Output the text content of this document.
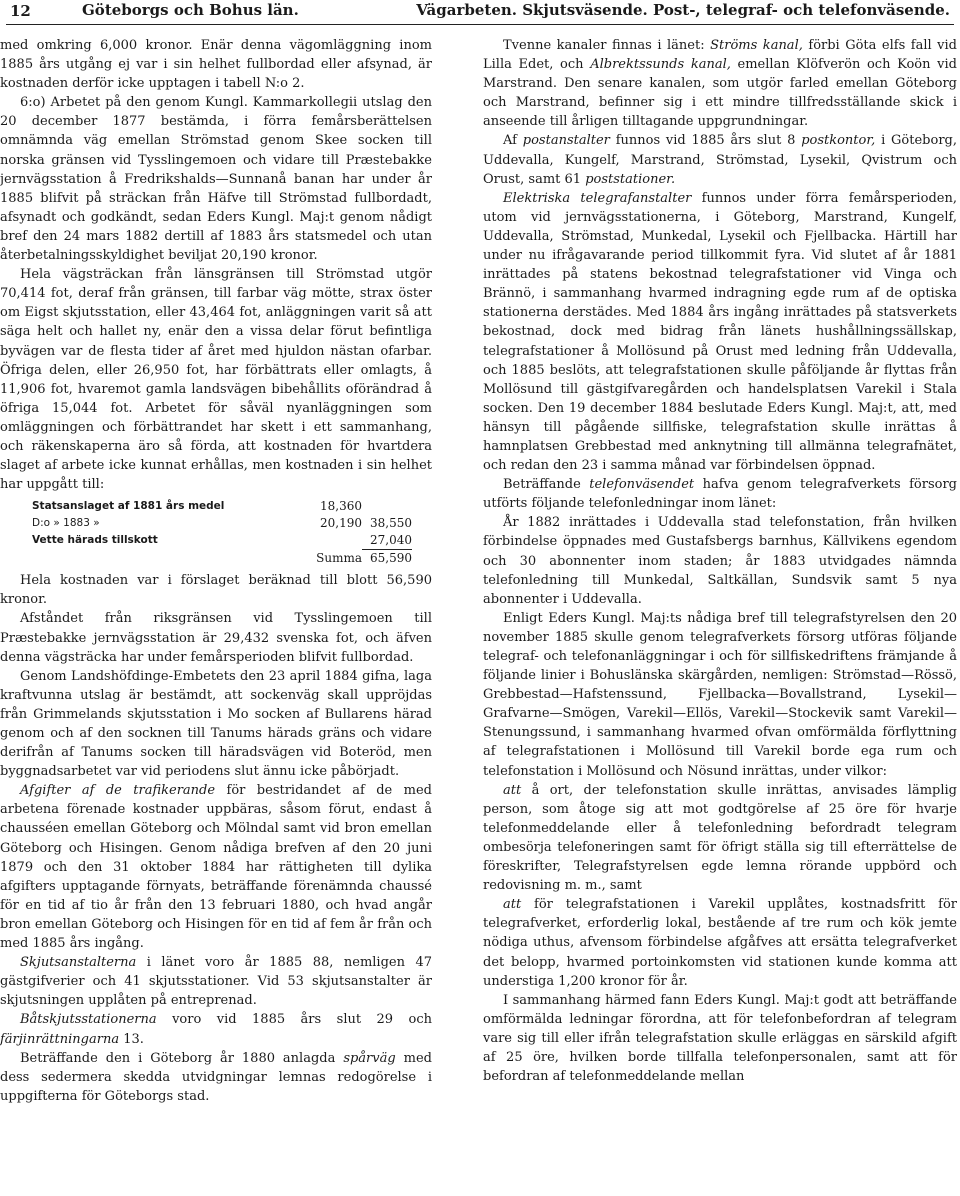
12	Göteborgs och Bohus län.	Vägarbeten. Skjutsväsende. Post-, telegraf- och telefonväsende.

med omkring 6,000 kronor. Enär denna vägomläggning inom 1885 års utgång ej var i sin helhet fullbordad eller afsynad, är kostnaden derför icke upptagen i tabell N:o 2.

6:o) Arbetet på den genom Kungl. Kammarkollegii utslag den 20 december 1877 bestämda, i förra femårsberättelsen omnämnda väg emellan Strömstad genom Skee socken till norska gränsen vid Tysslingemoen och vidare till Præstebakke jernvägsstation å Fredrikshalds—Sunnanå banan har under år 1885 blifvit på sträckan från Häfve till Strömstad fullbordadt, afsynadt och godkändt, sedan Eders Kungl. Maj:t genom nådigt bref den 24 mars 1882 dertill af 1883 års statsmedel och utan återbetalningsskyldighet beviljat 20,190 kronor.

Hela vägsträckan från länsgränsen till Strömstad utgör 70,414 fot, deraf från gränsen, till farbar väg mötte, strax öster om Eigst skjutsstation, eller 43,464 fot, anläggningen varit så att säga helt och hallet ny, enär den a vissa delar förut befintliga byvägen var de flesta tider af året med hjuldon nästan ofarbar. Öfriga delen, eller 26,950 fot, har förbättrats eller omlagts, å 11,906 fot, hvaremot gamla landsvägen bibehållits oförändrad å öfriga 15,044 fot. Arbetet för såväl nyanläggningen som omläggningen och förbättrandet har skett i ett sammanhang, och räkenskaperna äro så förda, att kostnaden för hvartdera slaget af arbete icke kunnat erhållas, men kostnaden i sin helhet har uppgått till:

Statsanslaget af 1881 års medel	18,360
D:o » 1883 »	20,190 38,550
Vette härads tillskott	27,040
Summa 65,590

Hela kostnaden var i förslaget beräknad till blott 56,590 kronor.

Afståndet från riksgränsen vid Tysslingemoen till Præstebakke jernvägsstation är 29,432 svenska fot, och äfven denna vägsträcka har under femårsperioden blifvit fullbordad.

Genom Landshöfdinge-Embetets den 23 april 1884 gifna, laga kraftvunna utslag är bestämdt, att sockenväg skall uppröjdas från Grimmelands skjutsstation i Mo socken af Bullarens härad genom och af den socknen till Tanums härads gräns och vidare derifrån af Tanums socken till häradsvägen vid Boteröd, men byggnadsarbetet var vid periodens slut ännu icke påbörjadt.

Afgifter af de trafikerande för bestridandet af de med arbetena förenade kostnader uppbäras, såsom förut, endast å chausséen emellan Göteborg och Mölndal samt vid bron emellan Göteborg och Hisingen. Genom nådiga brefven af den 20 juni 1879 och den 31 oktober 1884 har rättigheten till dylika afgifters upptagande förnyats, beträffande förenämnda chaussé för en tid af tio år från den 13 februari 1880, och hvad angår bron emellan Göteborg och Hisingen för en tid af fem år från och med 1885 års ingång.

Skjutsanstalterna i länet voro år 1885 88, nemligen 47 gästgifverier och 41 skjutsstationer. Vid 53 skjutsanstalter är skjutsningen upplåten på entreprenad.

Båtskjutsstationerna voro vid 1885 års slut 29 och färjinrättningarna 13.

Beträffande den i Göteborg år 1880 anlagda spårväg med dess sedermera skedda utvidgningar lemnas redogörelse i uppgifterna för Göteborgs stad.

Tvenne kanaler finnas i länet: Ströms kanal, förbi Göta elfs fall vid Lilla Edet, och Albrektssunds kanal, emellan Klöfverön och Koön vid Marstrand. Den senare kanalen, som utgör farled emellan Göteborg och Marstrand, befinner sig i ett mindre tillfredsställande skick i anseende till årligen tilltagande uppgrundningar.

Af postanstalter funnos vid 1885 års slut 8 postkontor, i Göteborg, Uddevalla, Kungelf, Marstrand, Strömstad, Lysekil, Qvistrum och Orust, samt 61 poststationer.

Elektriska telegrafanstalter funnos under förra femårsperioden, utom vid jernvägsstationerna, i Göteborg, Marstrand, Kungelf, Uddevalla, Strömstad, Munkedal, Lysekil och Fjellbacka. Härtill har under nu ifrågavarande period tillkommit fyra. Vid slutet af år 1881 inrättades på statens bekostnad telegrafstationer vid Vinga och Brännö, i sammanhang hvarmed indragning egde rum af de optiska stationerna derstädes. Med 1884 års ingång inrättades på statsverkets bekostnad, dock med bidrag från länets hushållningssällskap, telegrafstationer å Mollösund på Orust med ledning från Uddevalla, och 1885 beslöts, att telegrafstationen skulle påföljande år flyttas från Mollösund till gästgifvaregården och handelsplatsen Varekil i Stala socken. Den 19 december 1884 beslutade Eders Kungl. Maj:t, att, med hänsyn till pågående sillfiske, telegrafstation skulle inrättas å hamnplatsen Grebbestad med anknytning till allmänna telegrafnätet, och redan den 23 i samma månad var förbindelsen öppnad.

Beträffande telefonväsendet hafva genom telegrafverkets försorg utförts följande telefonledningar inom länet:

År 1882 inrättades i Uddevalla stad telefonstation, från hvilken förbindelse öppnades med Gustafsbergs barnhus, Källvikens egendom och 30 abonnenter inom staden; år 1883 utvidgades nämnda telefonledning till Munkedal, Saltkällan, Sundsvik samt 5 nya abonnenter i Uddevalla.

Enligt Eders Kungl. Maj:ts nådiga bref till telegrafstyrelsen den 20 november 1885 skulle genom telegrafverkets försorg utföras följande telegraf- och telefonanläggningar i och för sillfiskedriftens främjande å följande linier i Bohuslänska skärgården, nemligen: Strömstad—Rössö, Grebbestad—Hafstenssund, Fjellbacka—Bovallstrand, Lysekil—Grafvarne—Smögen, Varekil—Ellös, Varekil—Stockevik samt Varekil—Stenungssund, i sammanhang hvarmed ofvan omförmälda förflyttning af telegrafstationen i Mollösund till Varekil borde ega rum och telefonstation i Mollösund och Nösund inrättas, under vilkor:

att å ort, der telefonstation skulle inrättas, anvisades lämplig person, som åtoge sig att mot godtgörelse af 25 öre för hvarje telefonmeddelande eller å telefonledning befordradt telegram ombesörja telefoneringen samt för öfrigt ställa sig till efterrättelse de föreskrifter, Telegrafstyrelsen egde lemna rörande uppbörd och redovisning m. m., samt

att för telegrafstationen i Varekil upplåtes, kostnadsfritt för telegrafverket, erforderlig lokal, bestående af tre rum och kök jemte nödiga uthus, afvensom förbindelse afgåfves att ersätta telegrafverket det belopp, hvarmed portoinkomsten vid stationen kunde komma att understiga 1,200 kronor för år.

I sammanhang härmed fann Eders Kungl. Maj:t godt att beträffande omförmälda ledningar förordna, att för telefonbefordran af telegram vare sig till eller ifrån telegrafstation skulle erläggas en särskild afgift af 25 öre, hvilken borde tillfalla telefonpersonalen, samt att för befordran af telefonmeddelande mellan
